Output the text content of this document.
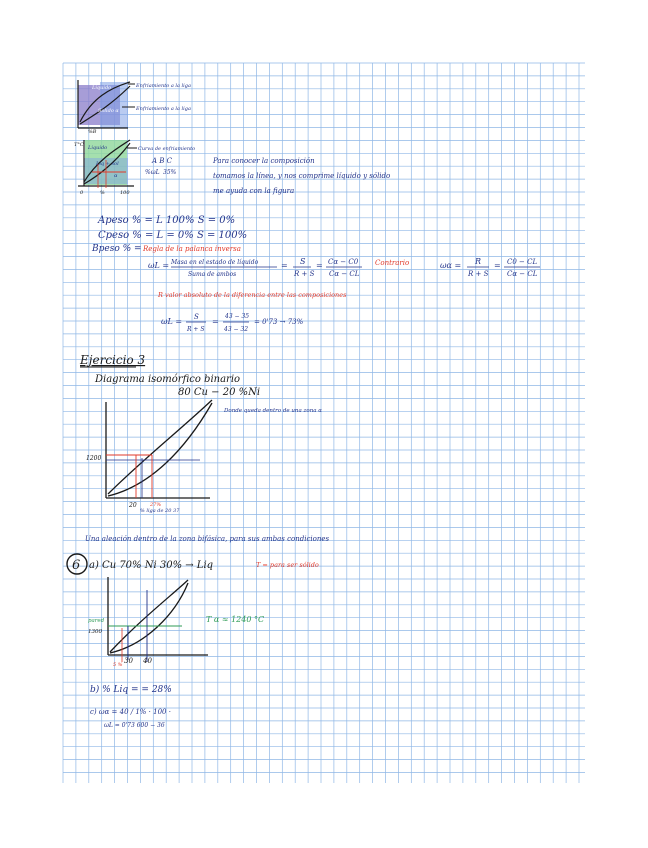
Liquido
Solido α
Enfriamiento a la liga
Enfriamiento a la liga
%B
T°C Liquido
Liq + sol
α
Curva de enfriamiento
0	%	100
A B C
%ωL 35%
Para conocer la composición
tomamos la línea, y nos comprime líquido y sólido
me ayuda con la figura
Apeso % = L 100% S = 0%
Cpeso % = L = 0% S = 100%
Bpeso % = Regla de la palanca inversa
ωL = Masa en el estado de líquido
Suma de ambos
= S
R + S
= Cα − C0
Cα − CL
Contrario	ωα = R
R + S
= C0 − CL
Cα − CL
R valor absoluto de la diferencia entre las composiciones
ωL = S
R + S
=
43 − 35
43 − 32
= 0'73 → 73%
Ejercicio 3
Diagrama isomórfico binario
80 Cu − 20 %Ni
Donde queda dentro de una zona α
1200
20	27%
% liga de 20 37
Una aleación dentro de la zona bifásica, para sus ambas condiciones
6 a) Cu 70% Ni 30% → Liq	T = para ser sólido
pared
1300
30 40
5 %
T α ≈ 1240 °C
b) % Liq = = 28%
c) ωα = 40 / 1% · 100 ·
ωL = 0'73 600 − 36
